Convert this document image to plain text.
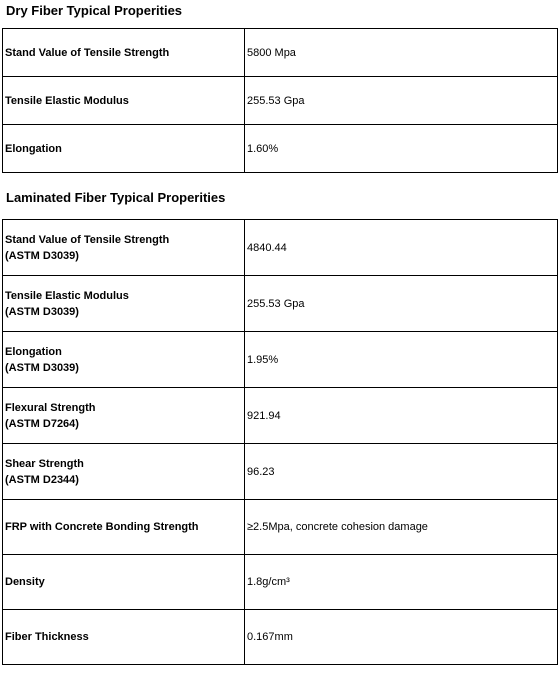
Dry Fiber Typical Properities
Stand Value of Tensile Strength	5800 Mpa
Tensile Elastic Modulus	255.53 Gpa
Elongation	1.60%
Laminated Fiber Typical Properities
Stand Value of Tensile Strength
(ASTM D3039)	4840.44

Tensile Elastic Modulus
(ASTM D3039)	255.53 Gpa

Elongation
(ASTM D3039)	1.95%

Flexural Strength
(ASTM D7264)	921.94

Shear Strength
(ASTM D2344)	96.23
FRP with Concrete Bonding Strength	≥2.5Mpa, concrete cohesion damage
Density	1.8g/cm³
Fiber Thickness	0.167mm
